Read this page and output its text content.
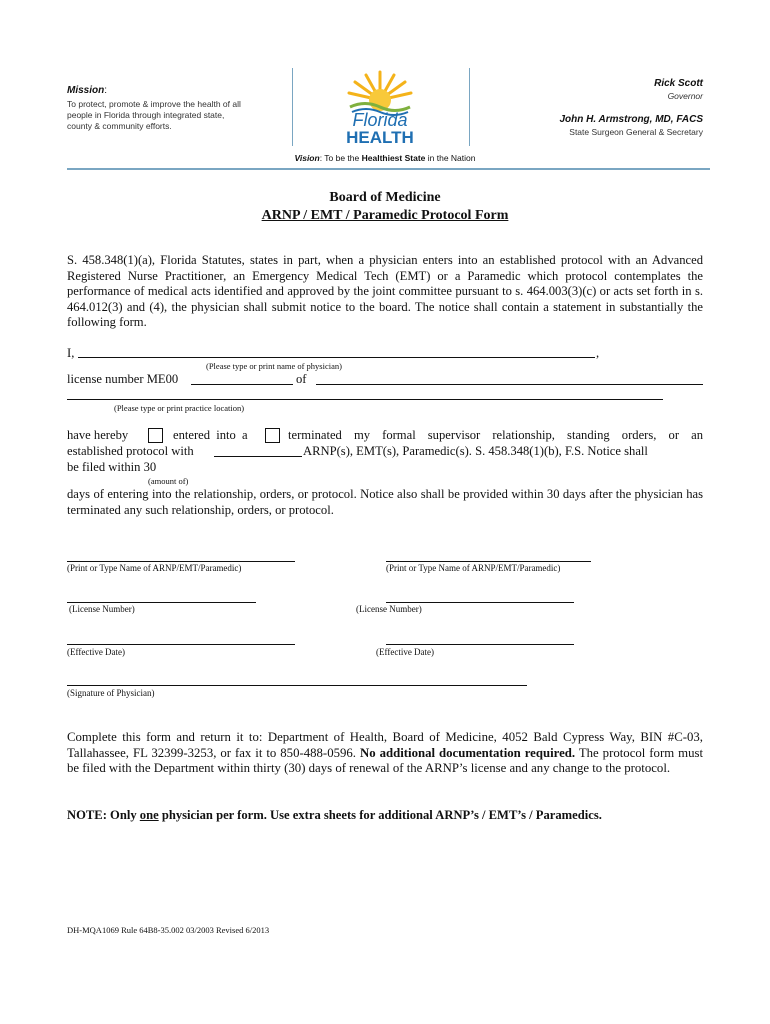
Mission:
To protect, promote & improve the health of all people in Florida through integrated state, county & community efforts.	Florida
HEALTH
Rick Scott
Governor
John H. Armstrong, MD, FACS
State Surgeon General & Secretary
Vision: To be the Healthiest State in the Nation
Board of Medicine
ARNP / EMT / Paramedic Protocol Form
S. 458.348(1)(a), Florida Statutes, states in part, when a physician enters into an established protocol with an Advanced Registered Nurse Practitioner, an Emergency Medical Tech (EMT) or a Paramedic which protocol contemplates the performance of medical acts identified and approved by the joint committee pursuant to s. 464.003(3)(c) or acts set forth in s. 464.012(3) and (4), the physician shall submit notice to the board. The notice shall contain a statement in substantially the following form.
I,	,
(Please type or print name of physician)
license number ME00	of
(Please type or print practice location)
have hereby	entered into a	terminated my formal supervisor relationship, standing orders, or an
established protocol with	ARNP(s), EMT(s), Paramedic(s). S. 458.348(1)(b), F.S. Notice shall
be filed within 30
(amount of)
days of entering into the relationship, orders, or protocol. Notice also shall be provided within 30 days after the physician has terminated any such relationship, orders, or protocol.
(Print or Type Name of ARNP/EMT/Paramedic)	(Print or Type Name of ARNP/EMT/Paramedic)
(License Number)	(License Number)
(Effective Date)	(Effective Date)
(Signature of Physician)
Complete this form and return it to: Department of Health, Board of Medicine, 4052 Bald Cypress Way, BIN #C-03, Tallahassee, FL 32399-3253, or fax it to 850-488-0596. No additional documentation required. The protocol form must be filed with the Department within thirty (30) days of renewal of the ARNP’s license and any change to the protocol.
NOTE: Only one physician per form. Use extra sheets for additional ARNP’s / EMT’s / Paramedics.
DH-MQA1069 Rule 64B8-35.002 03/2003 Revised 6/2013
